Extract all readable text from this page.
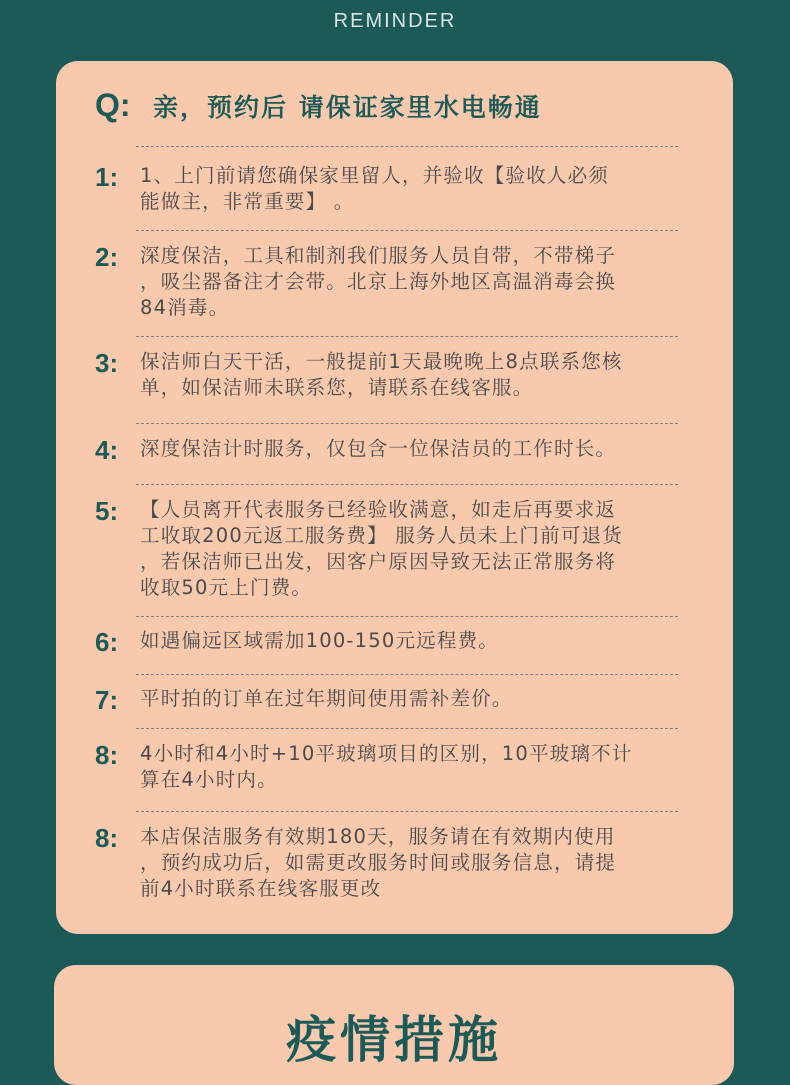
REMINDER
Q: 亲，预约后 请保证家里水电畅通
1:	1、上门前请您确保家里留人，并验收【验收人必须
能做主，非常重要】 。
2:	深度保洁，工具和制剂我们服务人员自带，不带梯子
，吸尘器备注才会带。北京上海外地区高温消毒会换
84消毒。
3:	保洁师白天干活，一般提前1天最晚晚上8点联系您核
单，如保洁师未联系您，请联系在线客服。
4:	深度保洁计时服务，仅包含一位保洁员的工作时长。
5:	【人员离开代表服务已经验收满意，如走后再要求返
工收取200元返工服务费】 服务人员未上门前可退货
，若保洁师已出发，因客户原因导致无法正常服务将
收取50元上门费。
6:	如遇偏远区域需加100-150元远程费。
7:	平时拍的订单在过年期间使用需补差价。
8:	4小时和4小时+10平玻璃项目的区别，10平玻璃不计
算在4小时内。
8:	本店保洁服务有效期180天，服务请在有效期内使用
，预约成功后，如需更改服务时间或服务信息，请提
前4小时联系在线客服更改
疫情措施
